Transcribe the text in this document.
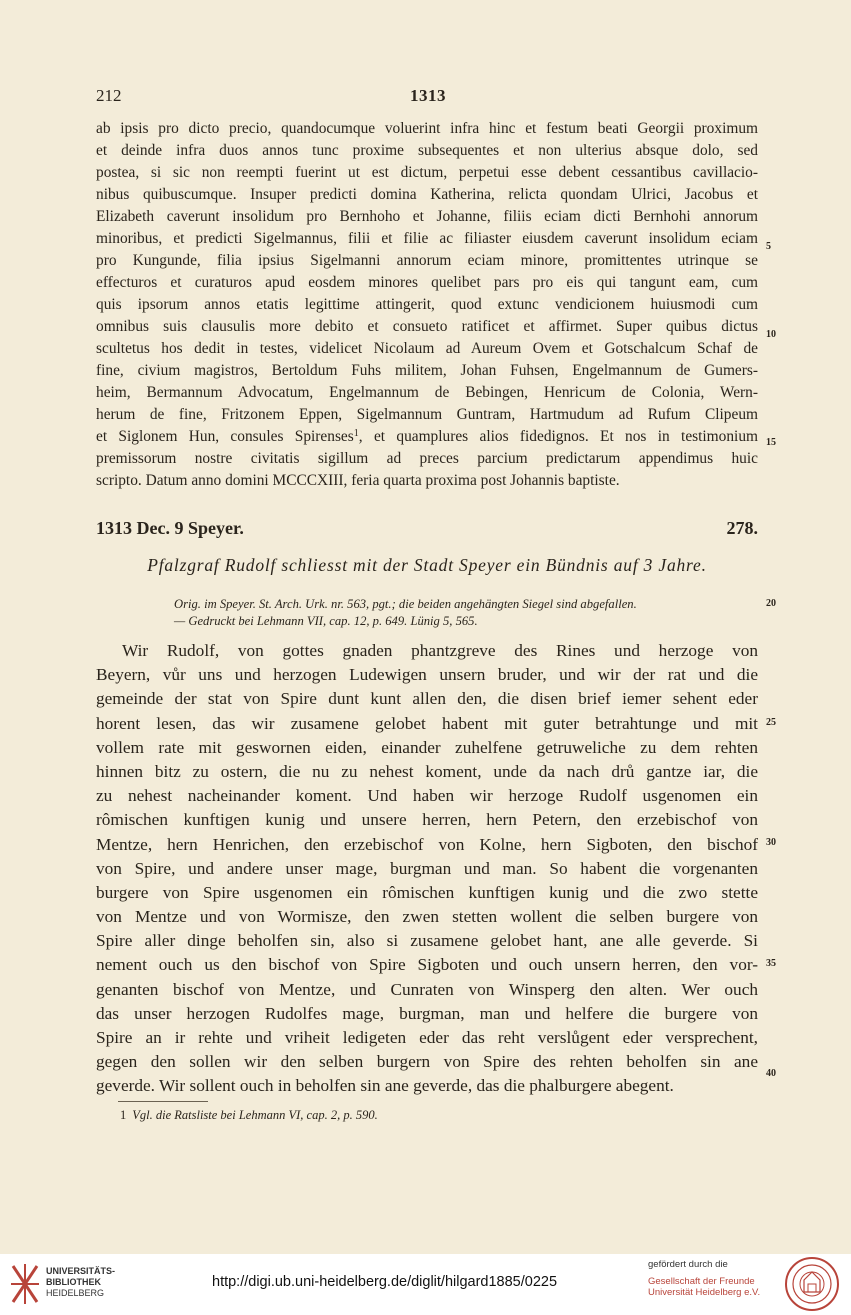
212	1313

ab ipsis pro dicto precio, quandocumque voluerint infra hinc et festum beati Georgii proximum

et deinde infra duos annos tunc proxime subsequentes et non ulterius absque dolo, sed

postea, si sic non reempti fuerint ut est dictum, perpetui esse debent cessantibus cavillacio-

nibus quibuscumque. Insuper predicti domina Katherina, relicta quondam Ulrici, Jacobus et

Elizabeth caverunt insolidum pro Bernhoho et Johanne, filiis eciam dicti Bernhohi annorum

minoribus, et predicti Sigelmannus, filii et filie ac filiaster eiusdem caverunt insolidum eciam

pro Kungunde, filia ipsius Sigelmanni annorum eciam minore, promittentes utrinque se

effecturos et curaturos apud eosdem minores quelibet pars pro eis qui tangunt eam, cum

quis ipsorum annos etatis legittime attingerit, quod extunc vendicionem huiusmodi cum

omnibus suis clausulis more debito et consueto ratificet et affirmet. Super quibus dictus

scultetus hos dedit in testes, videlicet Nicolaum ad Aureum Ovem et Gotschalcum Schaf de

fine, civium magistros, Bertoldum Fuhs militem, Johan Fuhsen, Engelmannum de Gumers-

heim, Bermannum Advocatum, Engelmannum de Bebingen, Henricum de Colonia, Wern-

herum de fine, Fritzonem Eppen, Sigelmannum Guntram, Hartmudum ad Rufum Clipeum

et Siglonem Hun, consules Spirenses$^1$, et quamplures alios fidedignos. Et nos in testimonium

premissorum nostre civitatis sigillum ad preces parcium predictarum appendimus huic

scripto. Datum anno domini MCCCXIII, feria quarta proxima post Johannis baptiste.

5
10
15
1313 Dec. 9 Speyer.	278.
Pfalzgraf Rudolf schliesst mit der Stadt Speyer ein Bündnis auf 3 Jahre.
Orig. im Speyer. St. Arch. Urk. nr. 563, pgt.; die beiden angehängten Siegel sind abgefallen.
— Gedruckt bei Lehmann VII, cap. 12, p. 649. Lünig 5, 565.
20

Wir Rudolf, von gottes gnaden phantzgreve des Rines und herzoge von

Beyern, vůr uns und herzogen Ludewigen unsern bruder, und wir der rat und die

gemeinde der stat von Spire dunt kunt allen den, die disen brief iemer sehent eder

horent lesen, das wir zusamene gelobet habent mit guter betrahtunge und mit

vollem rate mit geswornen eiden, einander zuhelfene getruweliche zu dem rehten

hinnen bitz zu ostern, die nu zu nehest koment, unde da nach drů gantze iar, die

zu nehest nacheinander koment. Und haben wir herzoge Rudolf usgenomen ein

rômischen kunftigen kunig und unsere herren, hern Petern, den erzebischof von

Mentze, hern Henrichen, den erzebischof von Kolne, hern Sigboten, den bischof

von Spire, und andere unser mage, burgman und man. So habent die vorgenanten

burgere von Spire usgenomen ein rômischen kunftigen kunig und die zwo stette

von Mentze und von Wormisze, den zwen stetten wollent die selben burgere von

Spire aller dinge beholfen sin, also si zusamene gelobet hant, ane alle geverde. Si

nement ouch us den bischof von Spire Sigboten und ouch unsern herren, den vor-

genanten bischof von Mentze, und Cunraten von Winsperg den alten. Wer ouch

das unser herzogen Rudolfes mage, burgman, man und helfere die burgere von

Spire an ir rehte und vriheit ledigeten eder das reht verslůgent eder versprechent,

gegen den sollen wir den selben burgern von Spire des rehten beholfen sin ane

geverde. Wir sollent ouch in beholfen sin ane geverde, das die phalburgere abegent.

25
30
35
40
1 Vgl. die Ratsliste bei Lehmann VI, cap. 2, p. 590.
UNIVERSITÄTS-
BIBLIOTHEK
HEIDELBERG
http://digi.ub.uni-heidelberg.de/diglit/hilgard1885/0225
gefördert durch die
Gesellschaft der Freunde
Universität Heidelberg e.V.
